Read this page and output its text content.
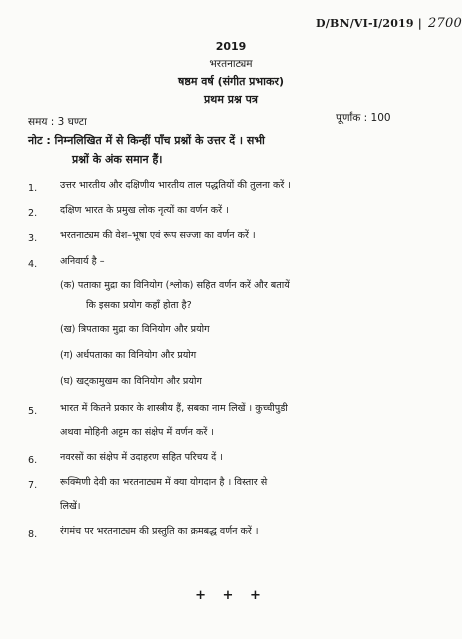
D/BN/VI-I/2019 | 2700
2019
भरतनाट्यम
षष्ठम वर्ष (संगीत प्रभाकर)
प्रथम प्रश्न पत्र
समय : 3 घण्टा	पूर्णांक : 100
नोट : निम्नलिखित में से किन्हीं पाँच प्रश्नों के उत्तर दें । सभी
प्रश्नों के अंक समान हैं।
1. उत्तर भारतीय और दक्षिणीय भारतीय ताल पद्धतियों की तुलना करें ।
2. दक्षिण भारत के प्रमुख लोक नृत्यों का वर्णन करें ।
3. भरतनाट्यम की वेश–भूषा एवं रूप सज्जा का वर्णन करें ।
4. अनिवार्य है –
(क) पताका मुद्रा का विनियोग (श्लोक) सहित वर्णन करें और बतायें
कि इसका प्रयोग कहाँ होता है?
(ख) त्रिपताका मुद्रा का विनियोग और प्रयोग
(ग) अर्धपताका का विनियोग और प्रयोग
(घ) खट्कामुखम का विनियोग और प्रयोग
5. भारत में कितने प्रकार के शास्त्रीय हैं, सबका नाम लिखें । कुच्चीपुडी
अथवा मोहिनी अट्टम का संक्षेप में वर्णन करें ।
6. नवरसों का संक्षेप में उदाहरण सहित परिचय दें ।
7. रूक्मिणी देवी का भरतनाट्यम में क्या योगदान है । विस्तार से
लिखें।
8. रंगमंच पर भरतनाट्यम की प्रस्तुति का क्रमबद्ध वर्णन करें ।
+ + +
